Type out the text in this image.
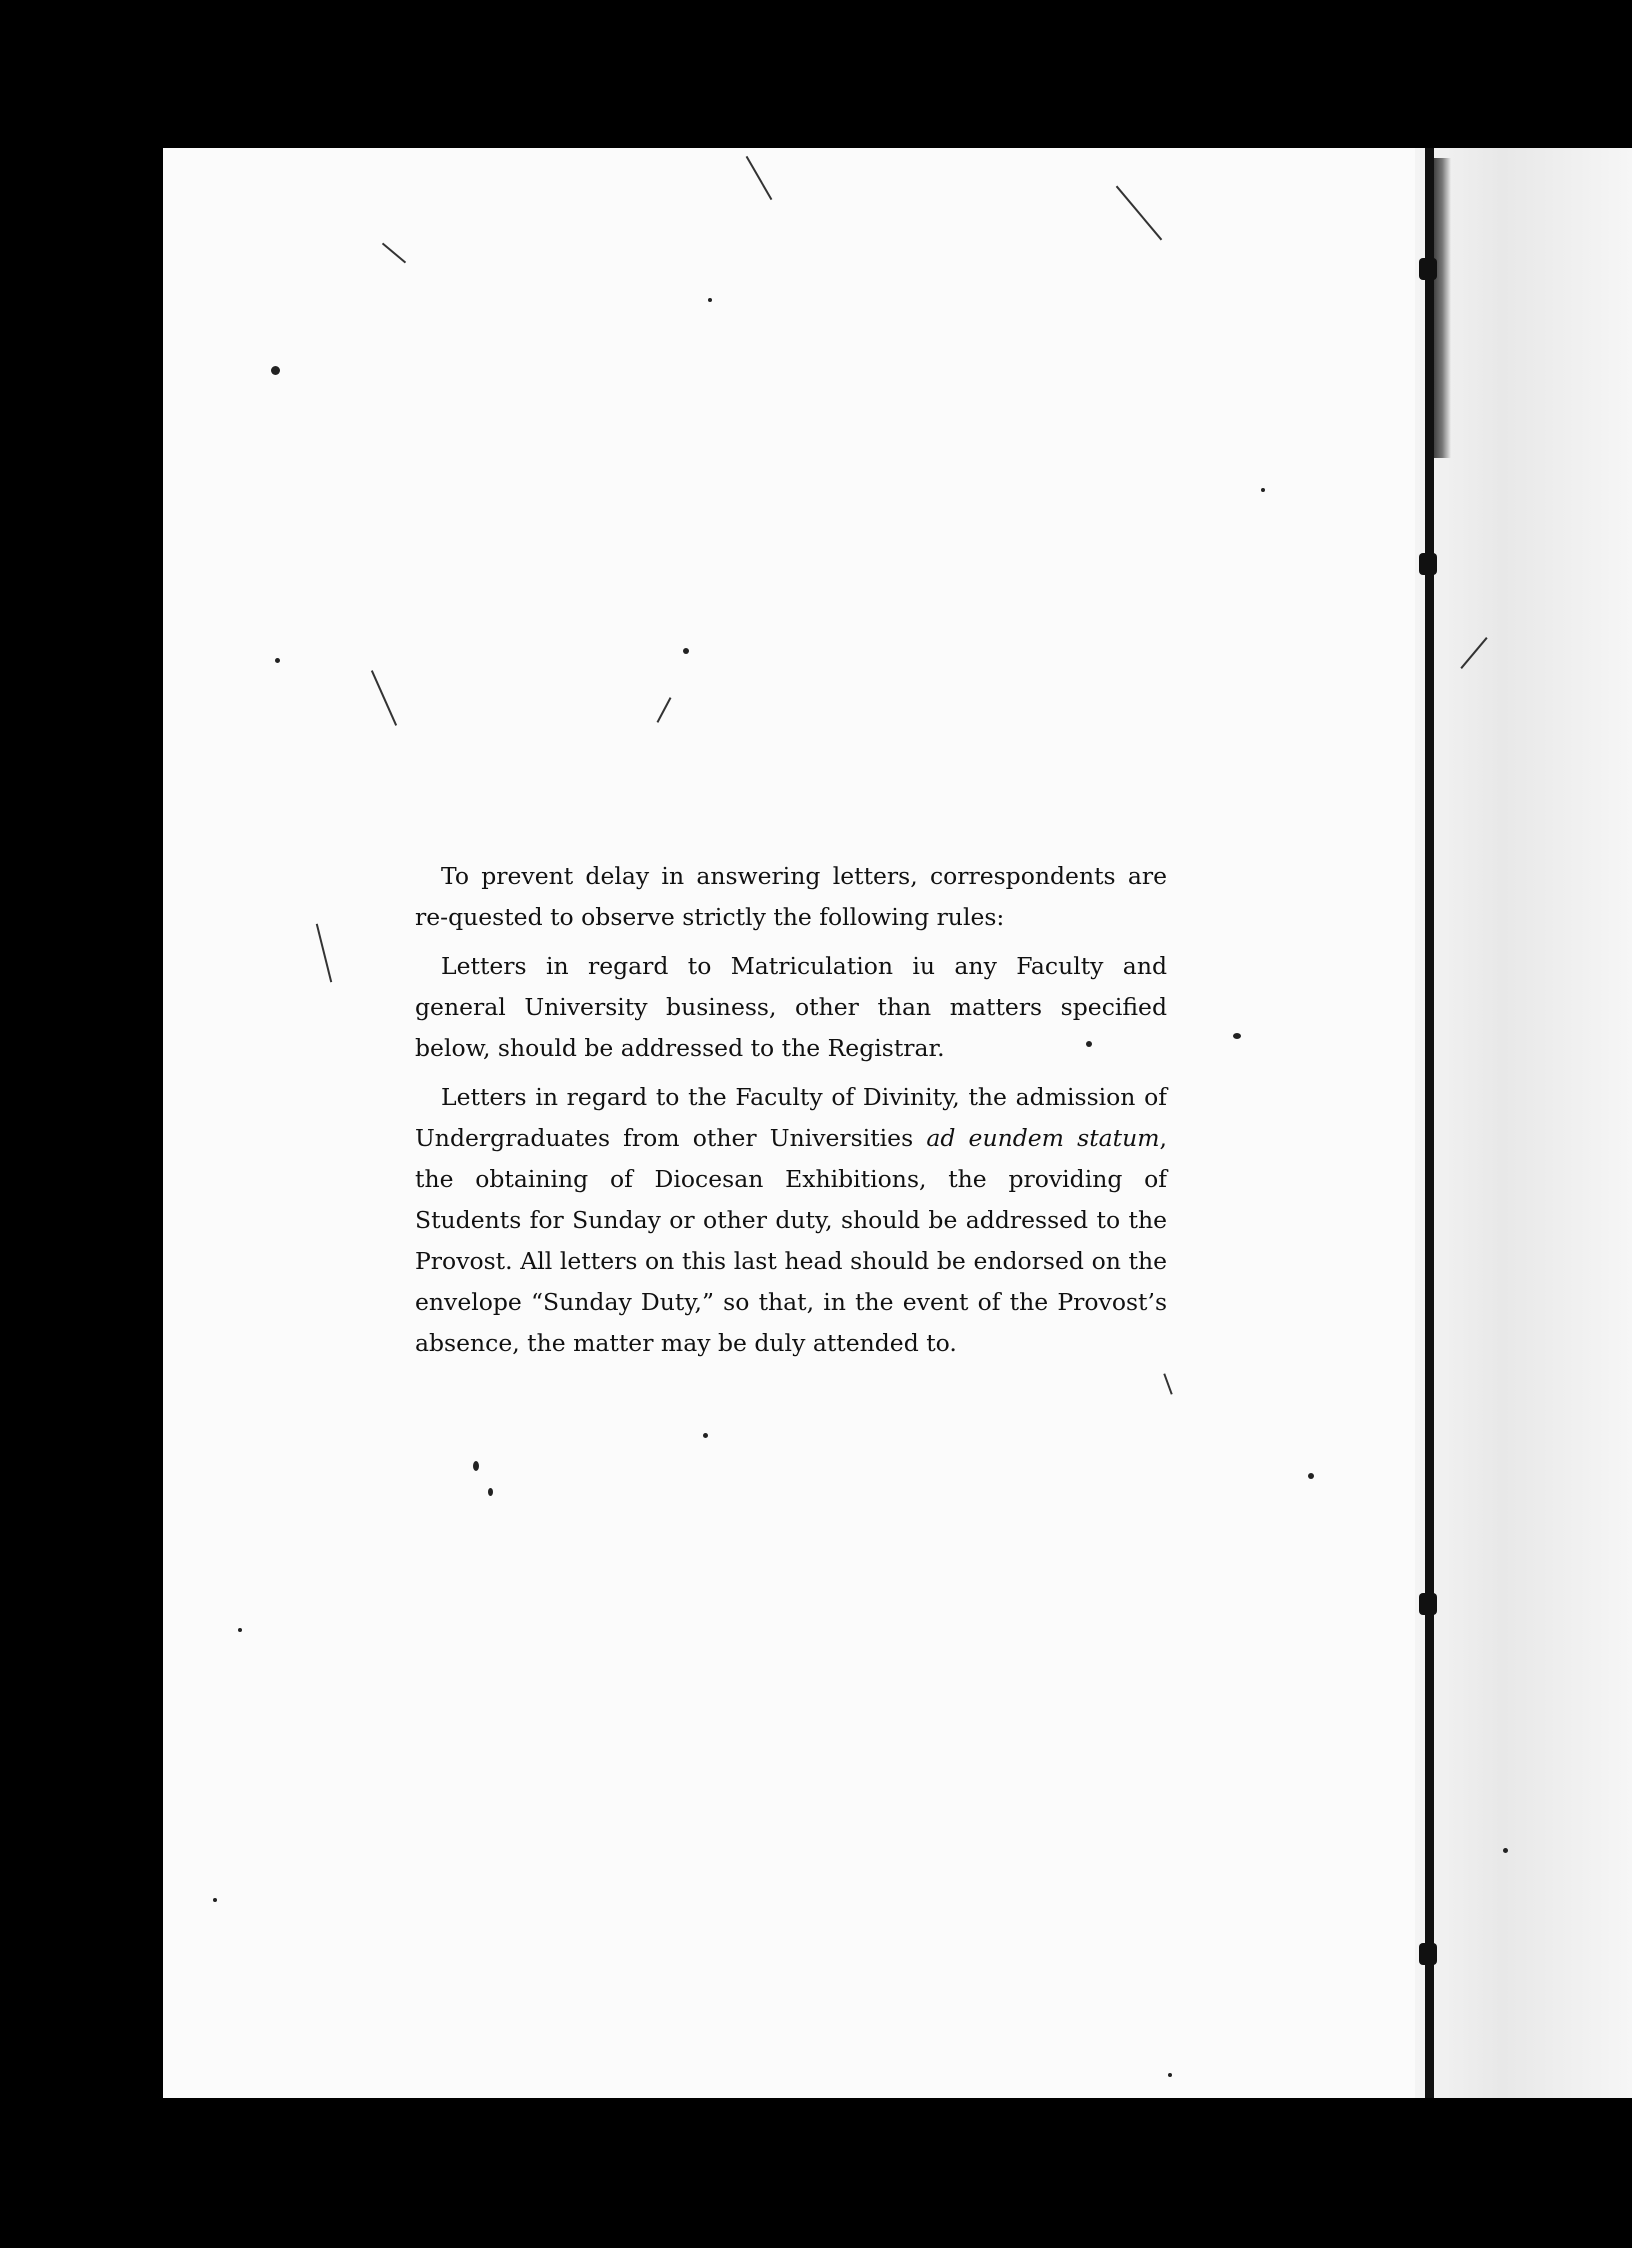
To prevent delay in answering letters, correspondents are re-quested to observe strictly the following rules:

Letters in regard to Matriculation iu any Faculty and general University business, other than matters specified below, should be addressed to the Registrar.

Letters in regard to the Faculty of Divinity, the admission of Undergraduates from other Universities ad eundem statum, the obtaining of Diocesan Exhibitions, the providing of Students for Sunday or other duty, should be addressed to the Provost. All letters on this last head should be endorsed on the envelope “Sunday Duty,” so that, in the event of the Provost’s absence, the matter may be duly attended to.
